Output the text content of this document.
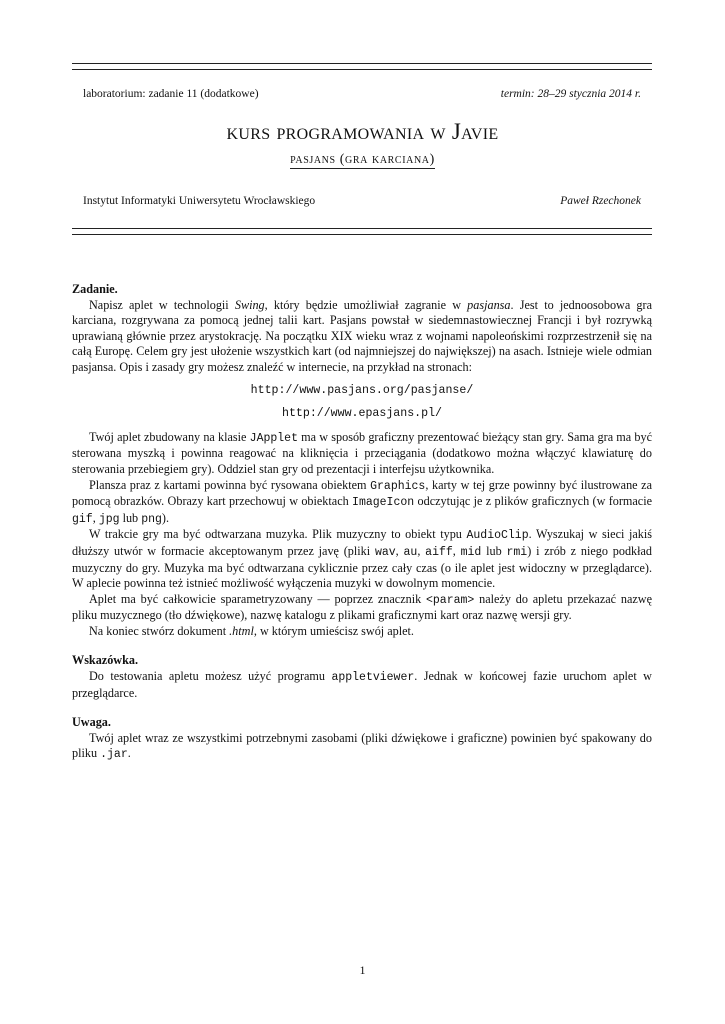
laboratorium: zadanie 11 (dodatkowe)	termin: 28–29 stycznia 2014 r.
kurs programowania w Javie
pasjans (gra karciana)
Instytut Informatyki Uniwersytetu Wrocławskiego	Paweł Rzechonek

Zadanie.

Napisz aplet w technologii Swing, który będzie umożliwiał zagranie w pasjansa. Jest to jednoosobowa gra karciana, rozgrywana za pomocą jednej talii kart. Pasjans powstał w siedemnastowiecznej Francji i był rozrywką uprawianą głównie przez arystokrację. Na początku XIX wieku wraz z wojnami napoleońskimi rozprzestrzenił się na całą Europę. Celem gry jest ułożenie wszystkich kart (od najmniejszej do największej) na asach. Istnieje wiele odmian pasjansa. Opis i zasady gry możesz znaleźć w internecie, na przykład na stronach:

http://www.pasjans.org/pasjanse/

http://www.epasjans.pl/

Twój aplet zbudowany na klasie JApplet ma w sposób graficzny prezentować bieżący stan gry. Sama gra ma być sterowana myszką i powinna reagować na kliknięcia i przeciągania (dodatkowo można włączyć klawiaturę do sterowania przebiegiem gry). Oddziel stan gry od prezentacji i interfejsu użytkownika.

Plansza praz z kartami powinna być rysowana obiektem Graphics, karty w tej grze powinny być ilustrowane za pomocą obrazków. Obrazy kart przechowuj w obiektach ImageIcon odczytując je z plików graficznych (w formacie gif, jpg lub png).

W trakcie gry ma być odtwarzana muzyka. Plik muzyczny to obiekt typu AudioClip. Wyszukaj w sieci jakiś dłuższy utwór w formacie akceptowanym przez javę (pliki wav, au, aiff, mid lub rmi) i zrób z niego podkład muzyczny do gry. Muzyka ma być odtwarzana cyklicznie przez cały czas (o ile aplet jest widoczny w przeglądarce). W aplecie powinna też istnieć możliwość wyłączenia muzyki w dowolnym momencie.

Aplet ma być całkowicie sparametryzowany — poprzez znacznik <param> należy do apletu przekazać nazwę pliku muzycznego (tło dźwiękowe), nazwę katalogu z plikami graficznymi kart oraz nazwę wersji gry.

Na koniec stwórz dokument .html, w którym umieścisz swój aplet.

Wskazówka.

Do testowania apletu możesz użyć programu appletviewer. Jednak w końcowej fazie uruchom aplet w przeglądarce.

Uwaga.

Twój aplet wraz ze wszystkimi potrzebnymi zasobami (pliki dźwiękowe i graficzne) powinien być spakowany do pliku .jar.

1
